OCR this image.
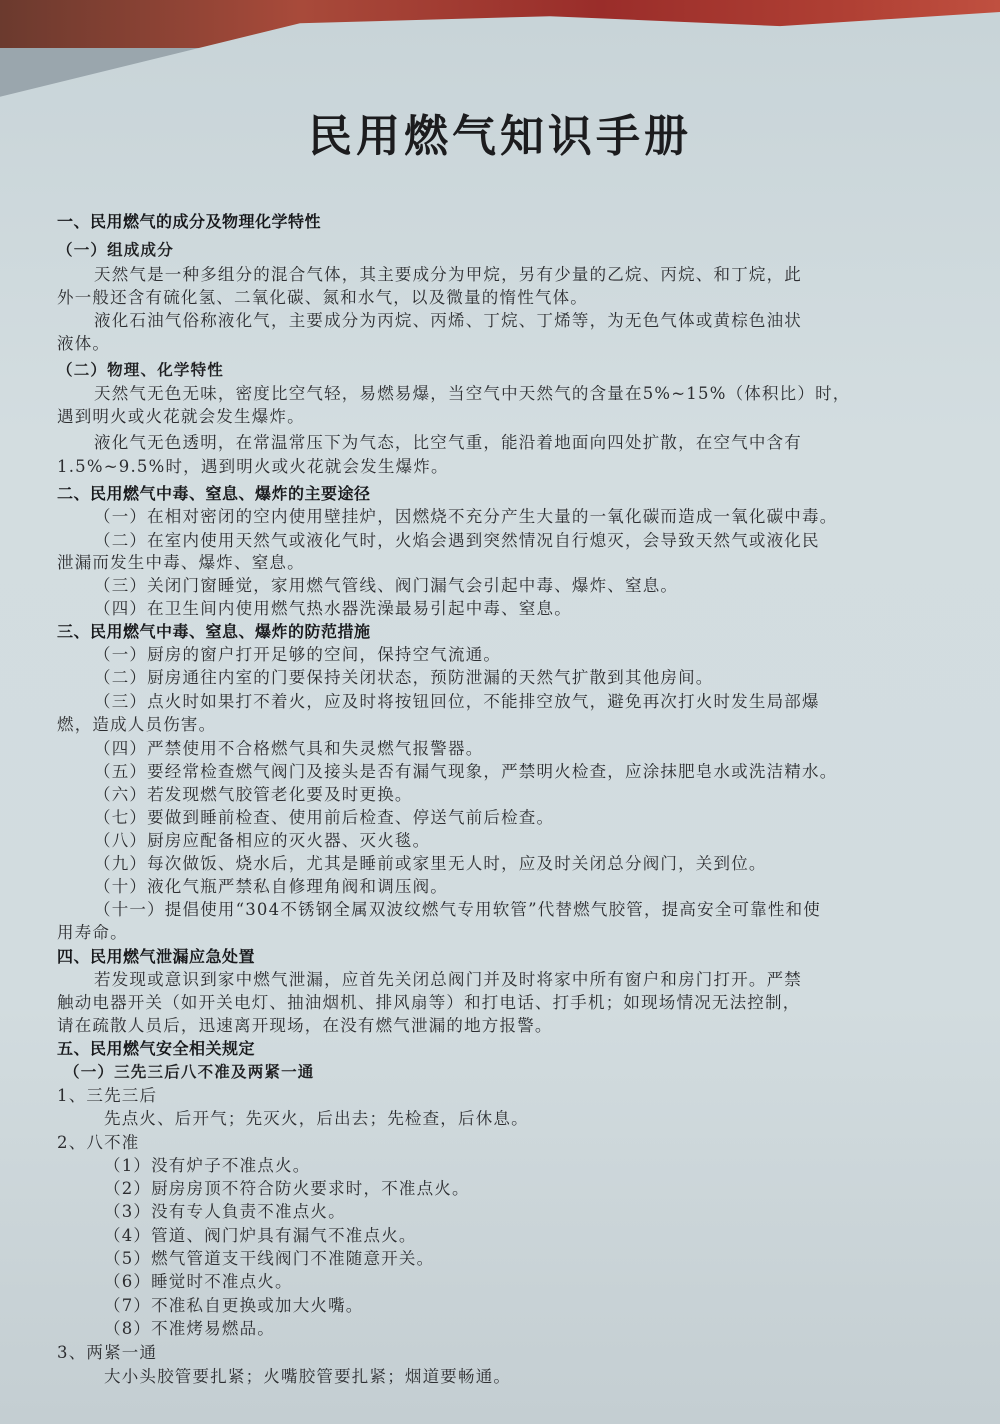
民用燃气知识手册
一、民用燃气的成分及物理化学特性
（一）组成成分
天然气是一种多组分的混合气体，其主要成分为甲烷，另有少量的乙烷、丙烷、和丁烷，此
外一般还含有硫化氢、二氧化碳、氮和水气，以及微量的惰性气体。
液化石油气俗称液化气，主要成分为丙烷、丙烯、丁烷、丁烯等，为无色气体或黄棕色油状
液体。
（二）物理、化学特性
天然气无色无味，密度比空气轻，易燃易爆，当空气中天然气的含量在5%~15%（体积比）时，
遇到明火或火花就会发生爆炸。
液化气无色透明，在常温常压下为气态，比空气重，能沿着地面向四处扩散，在空气中含有
1.5%~9.5%时，遇到明火或火花就会发生爆炸。
二、民用燃气中毒、窒息、爆炸的主要途径
（一）在相对密闭的空内使用壁挂炉，因燃烧不充分产生大量的一氧化碳而造成一氧化碳中毒。
（二）在室内使用天然气或液化气时，火焰会遇到突然情况自行熄灭，会导致天然气或液化民
泄漏而发生中毒、爆炸、窒息。
（三）关闭门窗睡觉，家用燃气管线、阀门漏气会引起中毒、爆炸、窒息。
（四）在卫生间内使用燃气热水器洗澡最易引起中毒、窒息。
三、民用燃气中毒、窒息、爆炸的防范措施
（一）厨房的窗户打开足够的空间，保持空气流通。
（二）厨房通往内室的门要保持关闭状态，预防泄漏的天然气扩散到其他房间。
（三）点火时如果打不着火，应及时将按钮回位，不能排空放气，避免再次打火时发生局部爆
燃，造成人员伤害。
（四）严禁使用不合格燃气具和失灵燃气报警器。
（五）要经常检查燃气阀门及接头是否有漏气现象，严禁明火检查，应涂抹肥皂水或洗洁精水。
（六）若发现燃气胶管老化要及时更换。
（七）要做到睡前检查、使用前后检查、停送气前后检查。
（八）厨房应配备相应的灭火器、灭火毯。
（九）每次做饭、烧水后，尤其是睡前或家里无人时，应及时关闭总分阀门，关到位。
（十）液化气瓶严禁私自修理角阀和调压阀。
（十一）提倡使用“304不锈钢全属双波纹燃气专用软管”代替燃气胶管，提高安全可靠性和使
用寿命。
四、民用燃气泄漏应急处置
若发现或意识到家中燃气泄漏，应首先关闭总阀门并及时将家中所有窗户和房门打开。严禁
触动电器开关（如开关电灯、抽油烟机、排风扇等）和打电话、打手机；如现场情况无法控制，
请在疏散人员后，迅速离开现场，在没有燃气泄漏的地方报警。
五、民用燃气安全相关规定
（一）三先三后八不准及两紧一通
1、三先三后
先点火、后开气；先灭火，后出去；先检查，后休息。
2、八不准
（1）没有炉子不准点火。
（2）厨房房顶不符合防火要求时，不准点火。
（3）没有专人負责不准点火。
（4）管道、阀门炉具有漏气不准点火。
（5）燃气管道支干线阀门不准随意开关。
（6）睡觉时不准点火。
（7）不准私自更换或加大火嘴。
（8）不准烤易燃品。
3、两紧一通
大小头胶管要扎紧；火嘴胶管要扎紧；烟道要畅通。
